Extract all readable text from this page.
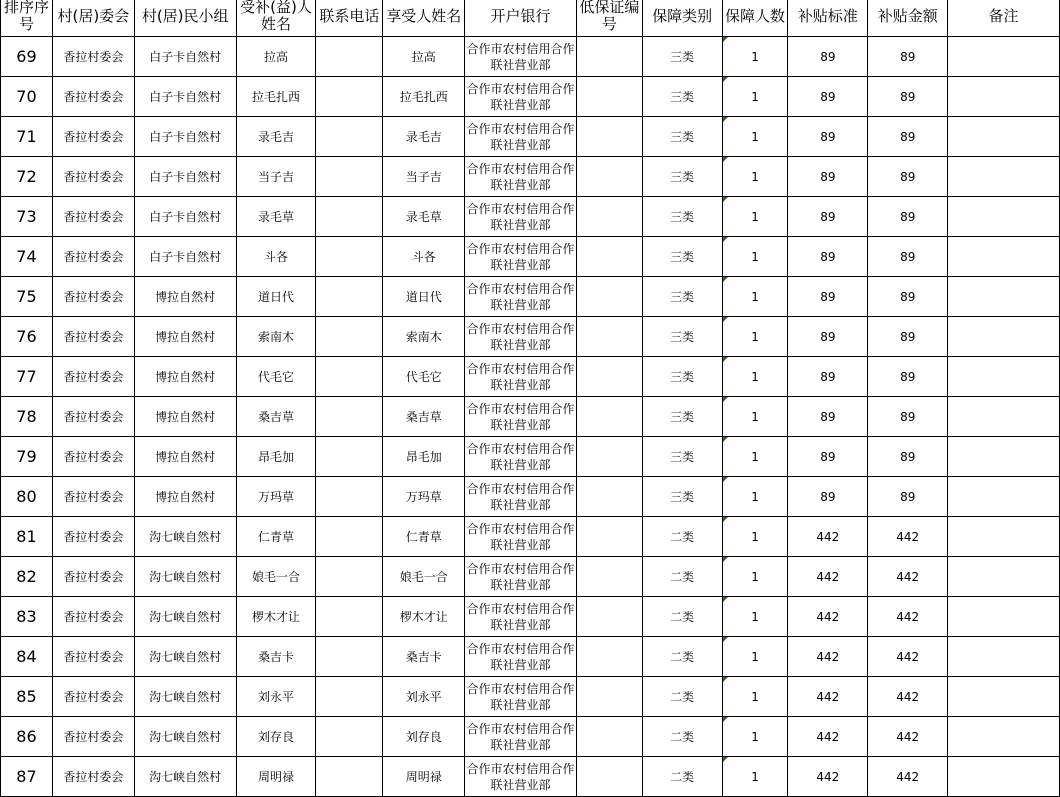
排序序号	村(居)委会	村(居)民小组	受补(益)人姓名	联系电话	享受人姓名	开户银行	低保证编号	保障类别	保障人数	补贴标准	补贴金额	备注
69	香拉村委会	白子卡自然村	拉高		拉高	合作市农村信用合作联社营业部		三类	1	89	89	
70	香拉村委会	白子卡自然村	拉毛扎西		拉毛扎西	合作市农村信用合作联社营业部		三类	1	89	89	
71	香拉村委会	白子卡自然村	录毛吉		录毛吉	合作市农村信用合作联社营业部		三类	1	89	89	
72	香拉村委会	白子卡自然村	当子吉		当子吉	合作市农村信用合作联社营业部		三类	1	89	89	
73	香拉村委会	白子卡自然村	录毛草		录毛草	合作市农村信用合作联社营业部		三类	1	89	89	
74	香拉村委会	白子卡自然村	斗各		斗各	合作市农村信用合作联社营业部		三类	1	89	89	
75	香拉村委会	博拉自然村	道日代		道日代	合作市农村信用合作联社营业部		三类	1	89	89	
76	香拉村委会	博拉自然村	索南木		索南木	合作市农村信用合作联社营业部		三类	1	89	89	
77	香拉村委会	博拉自然村	代毛它		代毛它	合作市农村信用合作联社营业部		三类	1	89	89	
78	香拉村委会	博拉自然村	桑吉草		桑吉草	合作市农村信用合作联社营业部		三类	1	89	89	
79	香拉村委会	博拉自然村	昂毛加		昂毛加	合作市农村信用合作联社营业部		三类	1	89	89	
80	香拉村委会	博拉自然村	万玛草		万玛草	合作市农村信用合作联社营业部		三类	1	89	89	
81	香拉村委会	沟七峡自然村	仁青草		仁青草	合作市农村信用合作联社营业部		二类	1	442	442	
82	香拉村委会	沟七峡自然村	娘毛一合		娘毛一合	合作市农村信用合作联社营业部		二类	1	442	442	
83	香拉村委会	沟七峡自然村	椤木才让		椤木才让	合作市农村信用合作联社营业部		二类	1	442	442	
84	香拉村委会	沟七峡自然村	桑吉卡		桑吉卡	合作市农村信用合作联社营业部		二类	1	442	442	
85	香拉村委会	沟七峡自然村	刘永平		刘永平	合作市农村信用合作联社营业部		二类	1	442	442	
86	香拉村委会	沟七峡自然村	刘存良		刘存良	合作市农村信用合作联社营业部		二类	1	442	442	
87	香拉村委会	沟七峡自然村	周明禄		周明禄	合作市农村信用合作联社营业部		二类	1	442	442	
